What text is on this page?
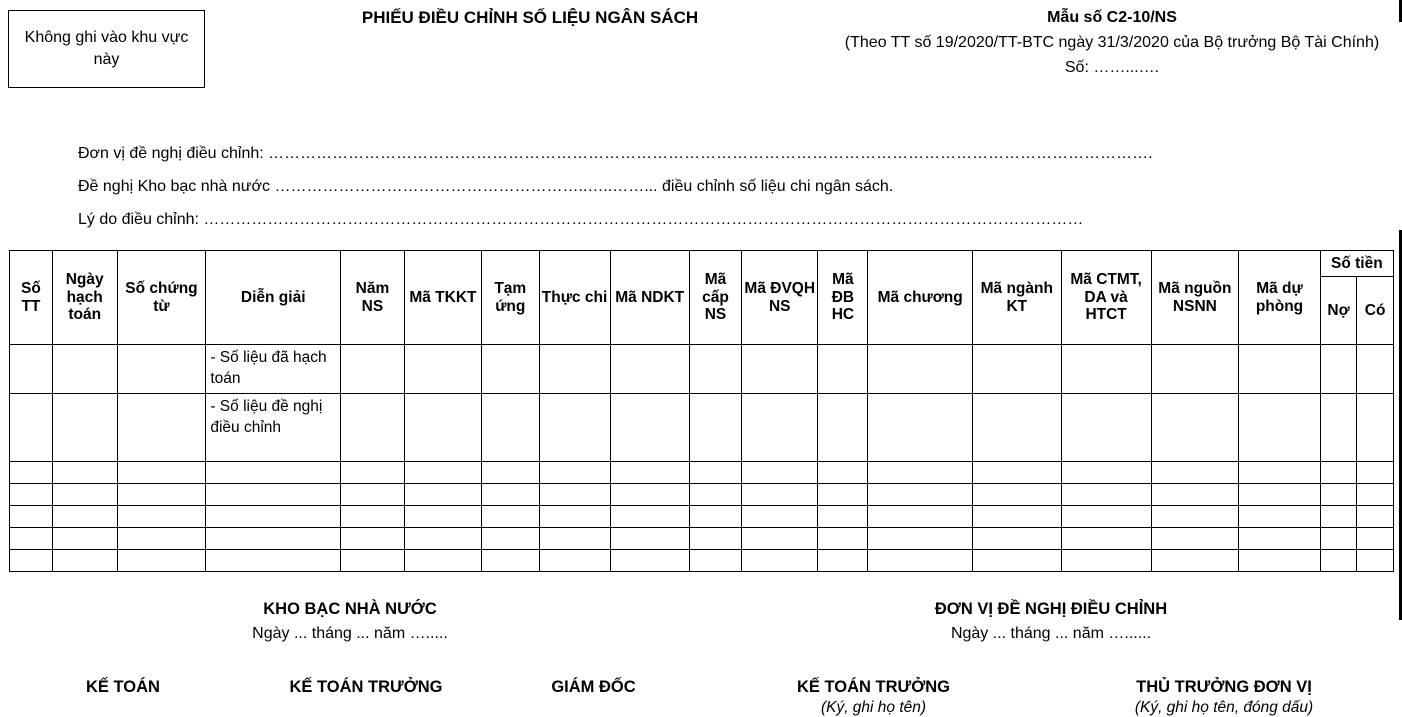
Không ghi vào khu vực này
PHIẾU ĐIỀU CHỈNH SỐ LIỆU NGÂN SÁCH	Mẫu số C2-10/NS
(Theo TT số 19/2020/TT-BTC ngày 31/3/2020 của Bộ trưởng Bộ Tài Chính)
Số: ……...….
Đơn vị đề nghị điều chỉnh: ………………………………………………………………………………………………………………………………………………….
Đề nghị Kho bạc nhà nước …………………………………………………..…..……... điều chỉnh số liệu chi ngân sách.
Lý do điều chỉnh: …………………………………………………………………………………………………………………………………………………
Số TT	Ngày hạch toán	Số chứng từ	Diễn giải	Năm NS	Mã TKKT	Tạm ứng	Thực chi	Mã NDKT	Mã cấp NS	Mã ĐVQH NS	Mã ĐB HC	Mã chương	Mã ngành KT	Mã CTMT, DA và HTCT	Mã nguồn NSNN	Mã dự phòng	Số tiền	
																	Nợ	Có
			- Số liệu đã hạch toán															
			- Số liệu đề nghị điều chỉnh															

KHO BẠC NHÀ NƯỚC
Ngày ... tháng ... năm ….....
ĐƠN VỊ ĐỀ NGHỊ ĐIỀU CHỈNH
Ngày ... tháng ... năm …......
KẾ TOÁN	KẾ TOÁN TRƯỞNG	GIÁM ĐỐC	KẾ TOÁN TRƯỞNG
(Ký, ghi họ tên)
THỦ TRƯỞNG ĐƠN VỊ
(Ký, ghi họ tên, đóng dấu)
